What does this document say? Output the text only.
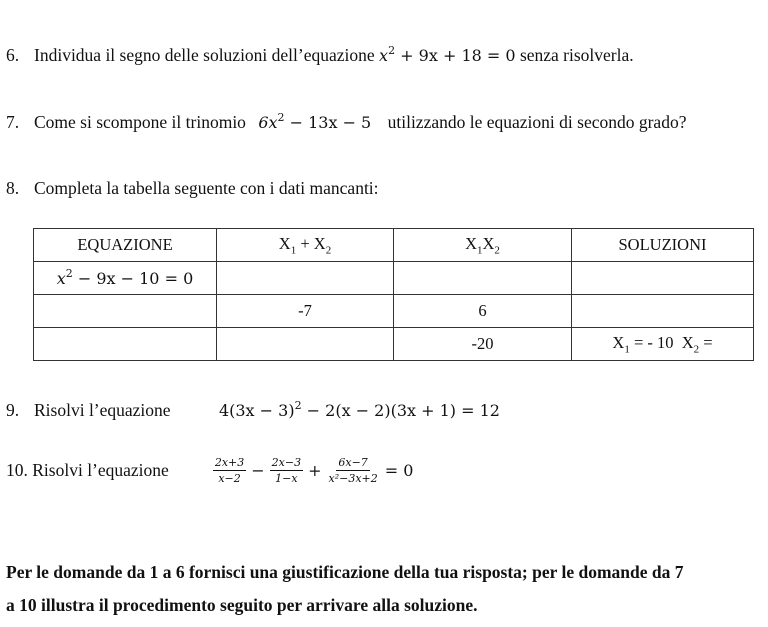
6. Individua il segno delle soluzioni dell’equazione $x^2 + 9x + 18 = 0$ senza risolverla.
7. Come si scompone il trinomio $6x^2 - 13x - 5$ utilizzando le equazioni di secondo grado?
8. Completa la tabella seguente con i dati mancanti:
EQUAZIONE	$X_1 + X_2$	$X_1X_2$	SOLUZIONI
$x^2 - 9x - 10 = 0$			
	-7	6	
		-20	$X_1$ = - 10 $X_2$ =
9. Risolvi l’equazione	$4(3x - 3)^2 - 2(x - 2)(3x + 1) = 12$
10.
Risolvi l’equazione	$\frac{2x+3}{x-2} - \frac{2x-3}{1-x} + \frac{6x-7}{\text{x²−3x+2}} = 0$
Per le domande da 1 a 6 fornisci una giustificazione della tua risposta; per le domande da 7
a 10 illustra il procedimento seguito per arrivare alla soluzione.
